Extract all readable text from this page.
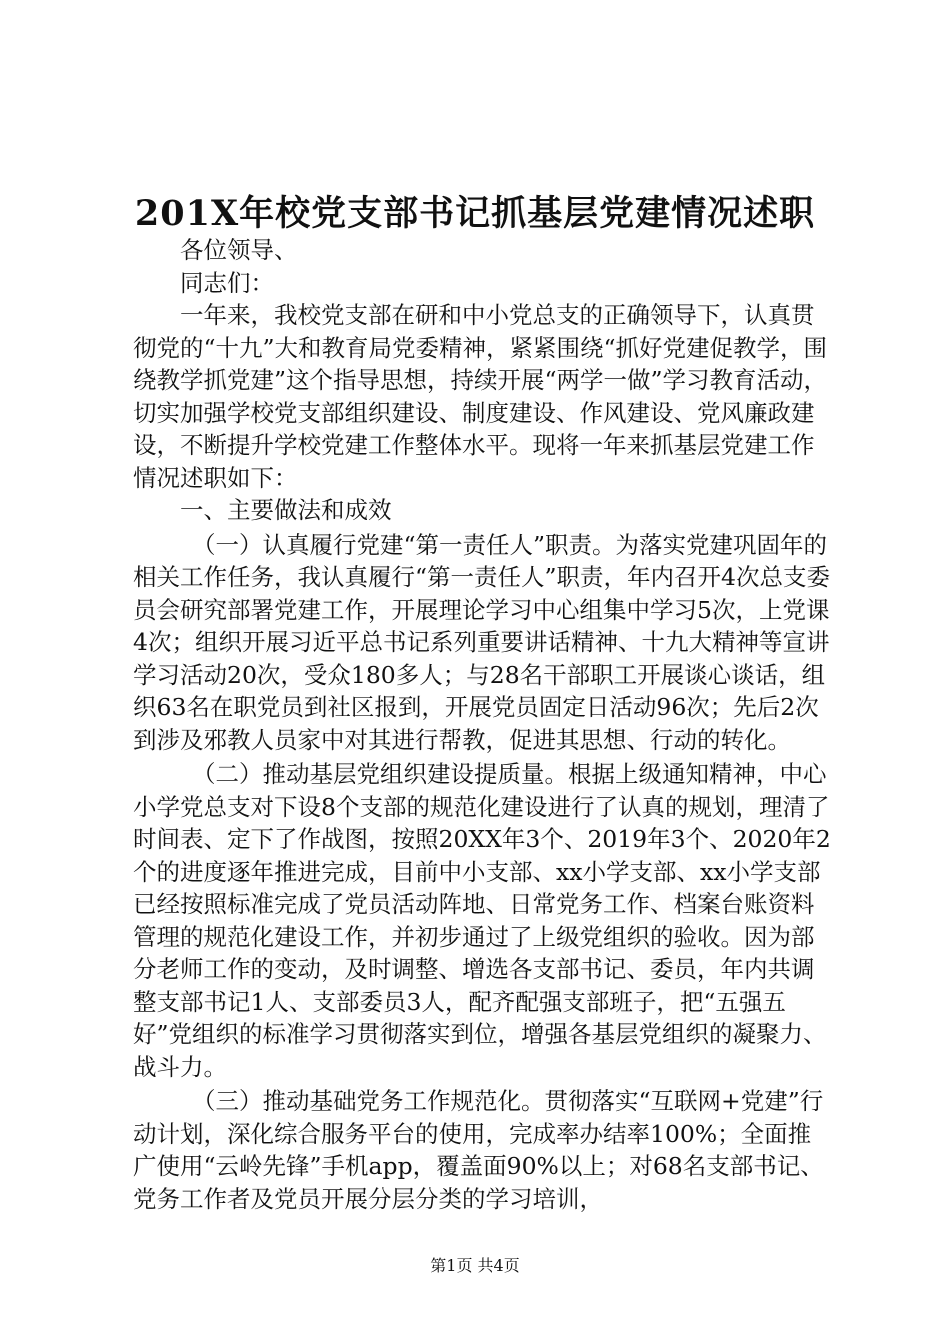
201X年校党支部书记抓基层党建情况述职

各位领导、

同志们：

一年来，我校党支部在研和中小党总支的正确领导下，认真贯彻党的“十九”大和教育局党委精神，紧紧围绕“抓好党建促教学，围绕教学抓党建”这个指导思想，持续开展“两学一做”学习教育活动，切实加强学校党支部组织建设、制度建设、作风建设、党风廉政建设，不断提升学校党建工作整体水平。现将一年来抓基层党建工作情况述职如下：

一、主要做法和成效

（一）认真履行党建“第一责任人”职责。为落实党建巩固年的相关工作任务，我认真履行“第一责任人”职责，年内召开4次总支委员会研究部署党建工作，开展理论学习中心组集中学习5次，上党课4次；组织开展习近平总书记系列重要讲话精神、十九大精神等宣讲学习活动20次，受众180多人；与28名干部职工开展谈心谈话，组织63名在职党员到社区报到，开展党员固定日活动96次；先后2次到涉及邪教人员家中对其进行帮教，促进其思想、行动的转化。

（二）推动基层党组织建设提质量。根据上级通知精神，中心小学党总支对下设8个支部的规范化建设进行了认真的规划，理清了时间表、定下了作战图，按照20XX年3个、2019年3个、2020年2个的进度逐年推进完成，目前中小支部、xx小学支部、xx小学支部已经按照标准完成了党员活动阵地、日常党务工作、档案台账资料管理的规范化建设工作，并初步通过了上级党组织的验收。因为部分老师工作的变动，及时调整、增选各支部书记、委员，年内共调整支部书记1人、支部委员3人，配齐配强支部班子，把“五强五好”党组织的标准学习贯彻落实到位，增强各基层党组织的凝聚力、战斗力。

（三）推动基础党务工作规范化。贯彻落实“互联网+党建”行动计划，深化综合服务平台的使用，完成率办结率100%；全面推广使用“云岭先锋”手机app，覆盖面90%以上；对68名支部书记、党务工作者及党员开展分层分类的学习培训，

第1页 共4页
